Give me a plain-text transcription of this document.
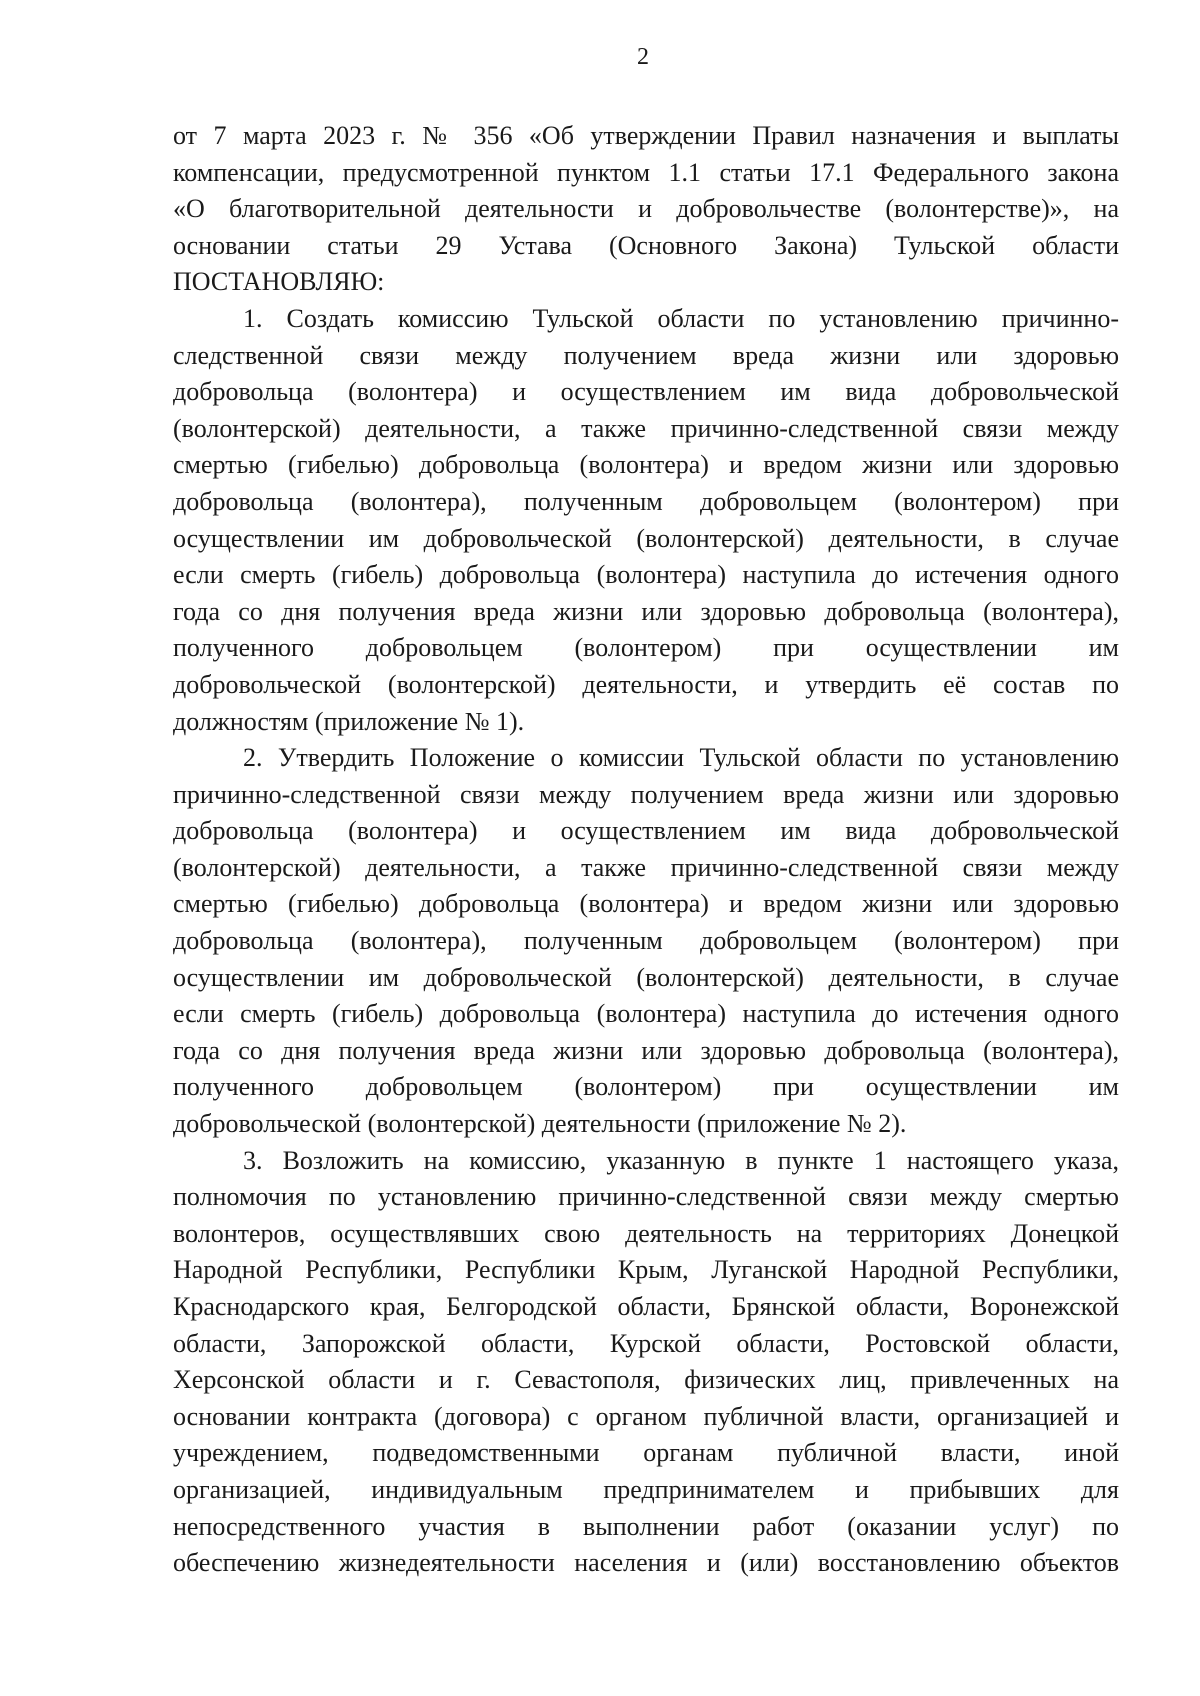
2

от 7 марта 2023 г. № 356 «Об утверждении Правил назначения и выплаты
компенсации, предусмотренной пунктом 1.1 статьи 17.1 Федерального закона
«О благотворительной деятельности и добровольчестве (волонтерстве)», на
основании статьи 29 Устава (Основного Закона) Тульской области
ПОСТАНОВЛЯЮ:

1. Создать комиссию Тульской области по установлению причинно-
следственной связи между получением вреда жизни или здоровью
добровольца (волонтера) и осуществлением им вида добровольческой
(волонтерской) деятельности, а также причинно-следственной связи между
смертью (гибелью) добровольца (волонтера) и вредом жизни или здоровью
добровольца (волонтера), полученным добровольцем (волонтером) при
осуществлении им добровольческой (волонтерской) деятельности, в случае
если смерть (гибель) добровольца (волонтера) наступила до истечения одного
года со дня получения вреда жизни или здоровью добровольца (волонтера),
полученного добровольцем (волонтером) при осуществлении им
добровольческой (волонтерской) деятельности, и утвердить её состав по
должностям (приложение № 1).

2. Утвердить Положение о комиссии Тульской области по установлению
причинно-следственной связи между получением вреда жизни или здоровью
добровольца (волонтера) и осуществлением им вида добровольческой
(волонтерской) деятельности, а также причинно-следственной связи между
смертью (гибелью) добровольца (волонтера) и вредом жизни или здоровью
добровольца (волонтера), полученным добровольцем (волонтером) при
осуществлении им добровольческой (волонтерской) деятельности, в случае
если смерть (гибель) добровольца (волонтера) наступила до истечения одного
года со дня получения вреда жизни или здоровью добровольца (волонтера),
полученного добровольцем (волонтером) при осуществлении им
добровольческой (волонтерской) деятельности (приложение № 2).

3. Возложить на комиссию, указанную в пункте 1 настоящего указа,
полномочия по установлению причинно-следственной связи между смертью
волонтеров, осуществлявших свою деятельность на территориях Донецкой
Народной Республики, Республики Крым, Луганской Народной Республики,
Краснодарского края, Белгородской области, Брянской области, Воронежской
области, Запорожской области, Курской области, Ростовской области,
Херсонской области и г. Севастополя, физических лиц, привлеченных на
основании контракта (договора) с органом публичной власти, организацией и
учреждением, подведомственными органам публичной власти, иной
организацией, индивидуальным предпринимателем и прибывших для
непосредственного участия в выполнении работ (оказании услуг) по
обеспечению жизнедеятельности населения и (или) восстановлению объектов
